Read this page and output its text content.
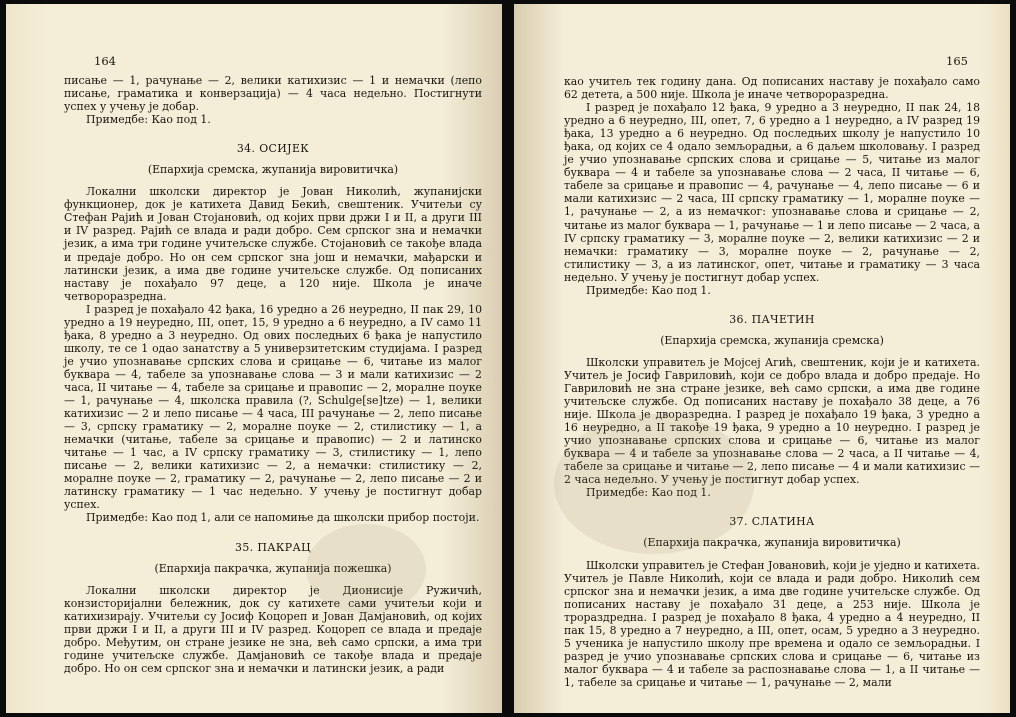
164

писање — 1, рачунање — 2, велики катихизис — 1 и немачки (лепо писање, граматика и конверзација) — 4 часа недељно. Постигнути успех у учењу је добар.

Примедбе: Као под 1.

34. ОСИЈЕК
(Епархија сремска, жупанија вировитичка)

Локални школски директор је Јован Николић, жупанијски функционер, док је катихета Давид Бекић, свештеник. Учитељи су Стефан Рајић и Јован Стојановић, од којих први држи I и II, а други III и IV разред. Рајић се влада и ради добро. Сем српског зна и немачки језик, а има три године учитељске службе. Стојановић се такође влада и предаје добро. Но он сем српског зна још и немачки, мађарски и латински језик, а има две године учитељске службе. Од пописаних наставу је похађало 97 деце, а 120 није. Школа је иначе четвороразредна.

I разред је похађало 42 ђака, 16 уредно а 26 неуредно, II пак 29, 10 уредно а 19 неуредно, III, опет, 15, 9 уредно а 6 неуредно, а IV само 11 ђака, 8 уредно а 3 неуредно. Од ових последњих 6 ђака је напустило школу, те се 1 одао занатству а 5 универзитетским студијама. I разред је учио упознавање српских слова и срицање — 6, читање из малог буквара — 4, табеле за упознавање слова — 3 и мали катихизис — 2 часа, II читање — 4, табеле за срицање и правопис — 2, моралне поуке — 1, рачунање — 4, школска правила (?, Schulge[se]tze) — 1, велики катихизис — 2 и лепо писање — 4 часа, III рачунање — 2, лепо писање — 3, српску граматику — 2, моралне поуке — 2, стилистику — 1, а немачки (читање, табеле за срицање и правопис) — 2 и латинско читање — 1 час, а IV српску граматику — 3, стилистику — 1, лепо писање — 2, велики катихизис — 2, а немачки: стилистику — 2, моралне поуке — 2, граматику — 2, рачунање — 2, лепо писање — 2 и латинску граматику — 1 час недељно. У учењу је постигнут добар успех.

Примедбе: Као под 1, али се напомиње да школски прибор постоји.

35. ПАКРАЦ
(Епархија пакрачка, жупанија пожешка)

Локални школски директор је Дионисије Ружичић, конзисторијални бележник, док су катихете сами учитељи који и катихизирају. Учитељи су Јосиф Коцореп и Јован Дамјановић, од којих први држи I и II, а други III и IV разред. Коцореп се влада и предаје добро. Међутим, он стране језике не зна, већ само српски, а има три године учитељске службе. Дамјановић се такође влада и предаје добро. Но он сем српског зна и немачки и латински језик, а ради

165

као учитељ тек годину дана. Од пописаних наставу је похађало само 62 детета, а 500 није. Школа је иначе четвороразредна.

I разред је похађало 12 ђака, 9 уредно а 3 неуредно, II пак 24, 18 уредно а 6 неуредно, III, опет, 7, 6 уредно а 1 неуредно, а IV разред 19 ђака, 13 уредно а 6 неуредно. Од последњих школу је напустило 10 ђака, од којих се 4 одало земљорадњи, а 6 даљем школовању. I разред је учио упознавање српских слова и срицање — 5, читање из малог буквара — 4 и табеле за упознавање слова — 2 часа, II читање — 6, табеле за срицање и правопис — 4, рачунање — 4, лепо писање — 6 и мали катихизис — 2 часа, III српску граматику — 1, моралне поуке — 1, рачунање — 2, а из немачког: упознавање слова и срицање — 2, читање из малог буквара — 1, рачунање — 1 и лепо писање — 2 часа, а IV српску граматику — 3, моралне поуке — 2, велики катихизис — 2 и немачки: граматику — 3, моралне поуке — 2, рачунање — 2, стилистику — 3, а из латинског, опет, читање и граматику — 3 часа недељно. У учењу је постигнут добар успех.

Примедбе: Као под 1.

36. ПАЧЕТИН
(Епархија сремска, жупанија сремска)

Школски управитељ је Мојсеј Агић, свештеник, који је и катихета. Учитељ је Јосиф Гавриловић, који се добро влада и добро предаје. Но Гавриловић не зна стране језике, већ само српски, а има две године учитељске службе. Од пописаних наставу је похађало 38 деце, а 76 није. Школа је дворазредна. I разред је похађало 19 ђака, 3 уредно а 16 неуредно, а II такође 19 ђака, 9 уредно а 10 неуредно. I разред је учио упознавање српских слова и срицање — 6, читање из малог буквара — 4 и табеле за упознавање слова — 2 часа, а II читање — 4, табеле за срицање и читање — 2, лепо писање — 4 и мали катихизис — 2 часа недељно. У учењу је постигнут добар успех.

Примедбе: Као под 1.

37. СЛАТИНА
(Епархија пакрачка, жупанија вировитичка)

Школски управитељ је Стефан Јовановић, који је уједно и катихета. Учитељ је Павле Николић, који се влада и ради добро. Николић сем српског зна и немачки језик, а има две године учитељске службе. Од пописаних наставу је похађало 31 деце, а 253 није. Школа је трораздредна. I разред је похађало 8 ђака, 4 уредно а 4 неуредно, II пак 15, 8 уредно а 7 неуредно, а III, опет, осам, 5 уредно а 3 неуредно. 5 ученика је напустило школу пре времена и одало се земљорадњи. I разред је учио упознавање српских слова и срицање — 6, читање из малог буквара — 4 и табеле за распознавање слова — 1, а II читање — 1, табеле за срицање и читање — 1, рачунање — 2, мали
